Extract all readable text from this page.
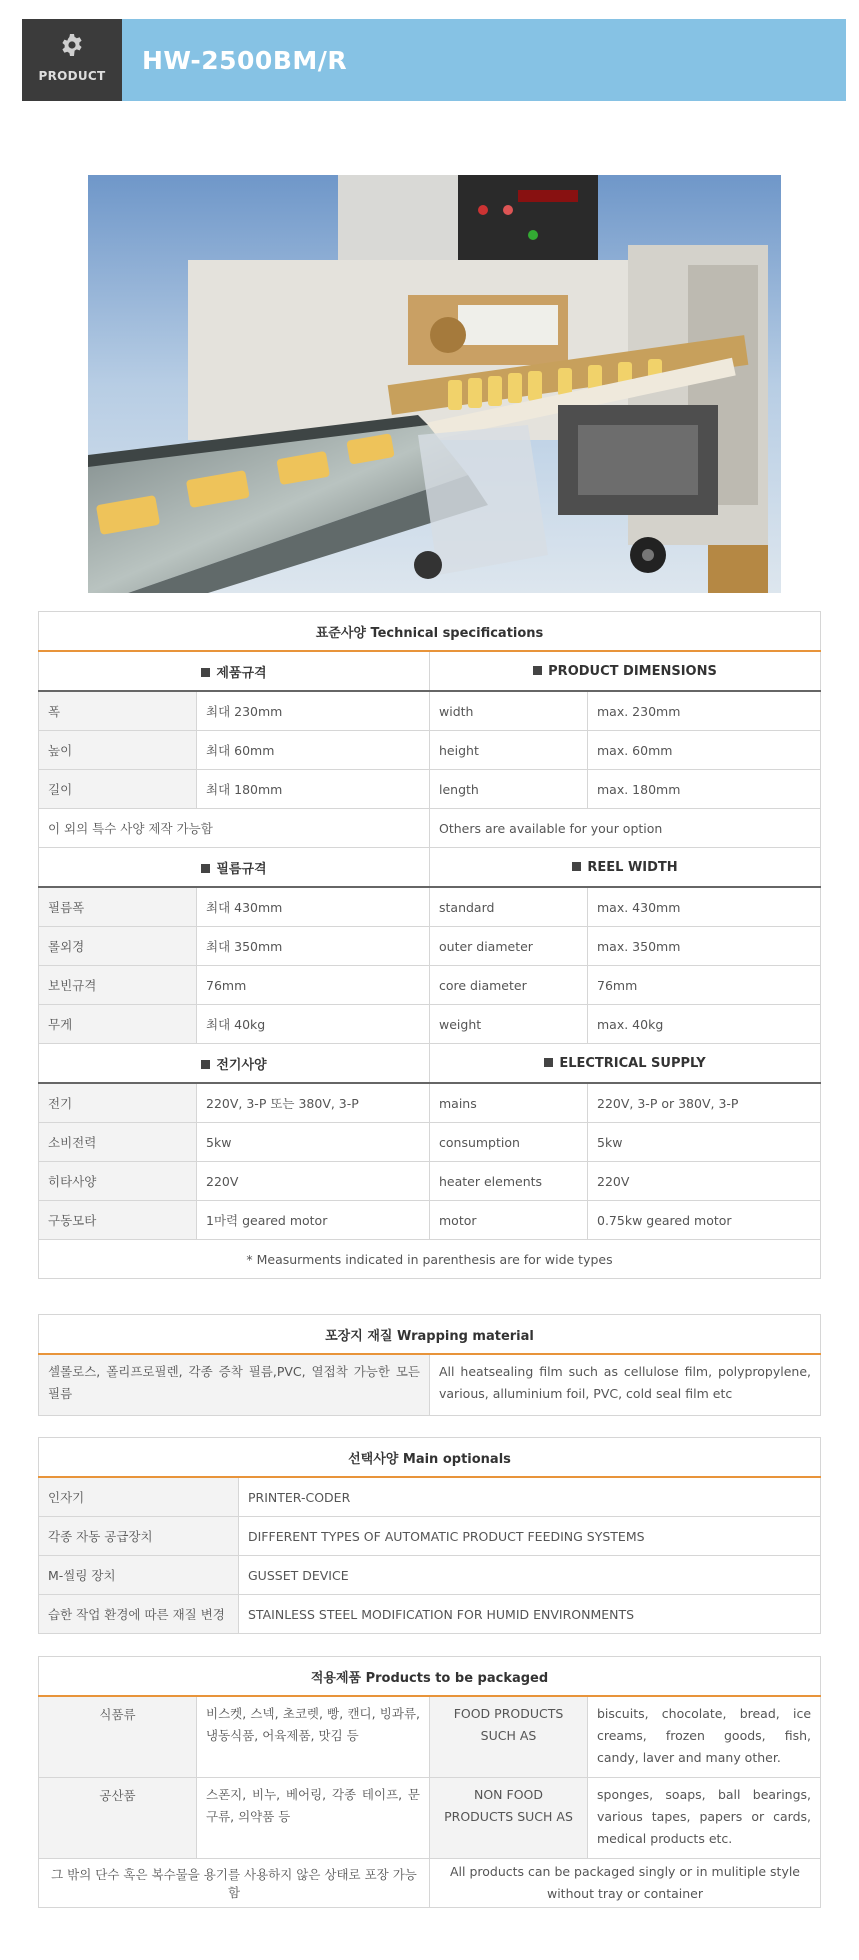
PRODUCT
HW-2500BM/R
표준사양 Technical specifications			
제품규격		PRODUCT DIMENSIONS	
폭	최대 230mm	width	max. 230mm
높이	최대 60mm	height	max. 60mm
길이	최대 180mm	length	max. 180mm
이 외의 특수 사양 제작 가능함		Others are available for your option	
필름규격		REEL WIDTH	
필름폭	최대 430mm	standard	max. 430mm
롤외경	최대 350mm	outer diameter	max. 350mm
보빈규격	76mm	core diameter	76mm
무게	최대 40kg	weight	max. 40kg
전기사양		ELECTRICAL SUPPLY	
전기	220V, 3-P 또는 380V, 3-P	mains	220V, 3-P or 380V, 3-P
소비전력	5kw	consumption	5kw
히타사양	220V	heater elements	220V
구동모타	1마력 geared motor	motor	0.75kw geared motor
* Measurments indicated in parenthesis are for wide types			
포장지 재질 Wrapping material
셀롤로스, 폴리프로필렌, 각종 증착 필름,PVC, 열접착 가능한 모든 필름	All heatsealing film such as cellulose film, polypropylene, various, alluminium foil, PVC, cold seal film etc
선택사양 Main optionals	
인자기	PRINTER-CODER
각종 자동 공급장치	DIFFERENT TYPES OF AUTOMATIC PRODUCT FEEDING SYSTEMS
M-씰링 장치	GUSSET DEVICE
습한 작업 환경에 따른 재질 변경	STAINLESS STEEL MODIFICATION FOR HUMID ENVIRONMENTS
적용제품 Products to be packaged			
식품류	비스켓, 스넥, 초코렛, 빵, 캔디, 빙과류, 냉동식품, 어육제품, 맛김 등	FOOD PRODUCTS SUCH AS	biscuits, chocolate, bread, ice creams, frozen goods, fish, candy, laver and many other.
공산품	스폰지, 비누, 베어링, 각종 테이프, 문구류, 의약품 등	NON FOOD PRODUCTS SUCH AS	sponges, soaps, ball bearings, various tapes, papers or cards, medical products etc.
그 밖의 단수 혹은 복수물을 용기를 사용하지 않은 상태로 포장 가능함		All products can be packaged singly or in mulitiple style without tray or container	
